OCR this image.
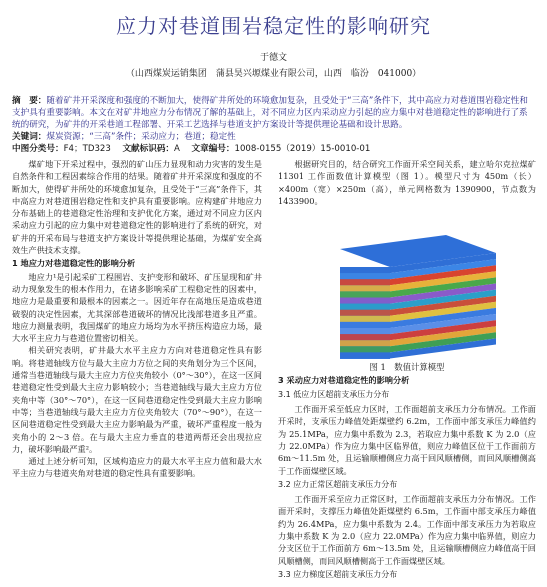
应力对巷道围岩稳定性的影响研究
于德文
（山西煤炭运销集团　蒲县昊兴塬煤业有限公司，山西　临汾　041000）

摘　要：随着矿井开采深度和强度的不断加大，使得矿井所处的环境愈加复杂，且受处于“三高”条件下，其中高应力对巷道围岩稳定性和支护具有重要影响。本文在对矿井地应力分布情况了解的基础上，对不同应力区内采动应力引起的应力集中对巷道稳定性的影响进行了系统的研究，为矿井的开采巷道工程部署、开采工艺选择与巷道支护方案设计等提供理论基础和设计思路。

关键词：煤炭资源；“三高”条件；采动应力；巷道；稳定性

中图分类号：F4；TD323　 文献标识码：A　 文章编号：1008-0155（2019）15-0010-01

煤矿地下开采过程中，强烈的矿山压力显现和动力灾害的发生是自然条件和工程因素综合作用的结果。随着矿井开采深度和强度的不断加大，使得矿井所处的环境愈加复杂，且受处于“三高”条件下，其中高应力对巷道围岩稳定性和支护具有重要影响。应构建矿井地应力分布基础上的巷道稳定性治理和支护优化方案，通过对不同应力区内采动应力引起的应力集中对巷道稳定性的影响进行了系统的研究，对矿井的开采布局与巷道支护方案设计等提供理论基础，为煤矿安全高效生产供技术支撑。

1 地应力对巷道稳定性的影响分析

地应力¹是引起采矿工程围岩、支护变形和破坏、矿压显现和矿井动力现象发生的根本作用力，在诸多影响采矿工程稳定性的因素中，地应力是最重要和最根本的因素之一。因近年存在高地压是造成巷道破裂的决定性因素，尤其深部巷道破坏的情况比浅部巷道多且严重。地应力测量表明，我国煤矿的地应力场均为水平挤压构造应力场，最大水平主应力与巷道位置密切相关。

相关研究表明，矿井最大水平主应力方向对巷道稳定性具有影响。将巷道轴线方位与最大主应力方位之间的夹角划分为三个区间，通常当巷道轴线与最大主应力方位夹角较小（0°～30°），在这一区间巷道稳定性受到最大主应力影响较小；当巷道轴线与最大主应力方位夹角中等（30°～70°），在这一区间巷道稳定性受到最大主应力影响中等；当巷道轴线与最大主应力方位夹角较大（70°～90°），在这一区间巷道稳定性受到最大主应力影响最为严重，破坏严重程度一般为夹角小的 2～3 倍。在与最大主应力垂直的巷道两帮还会出现拉应力，破坏影响最严重²。

通过上述分析可知，区域构造应力的最大水平主应力值和最大水平主应力与巷道夹角对巷道的稳定性具有重要影响。

根据研究目的，结合研究工作面开采空间关系，建立哈尔克拉煤矿 11301 工作面数值计算模型（图 1）。模型尺寸为 450m（长）×400m（宽）×250m（高），单元网格数为 1390900，节点数为 1433900。

图 1　数值计算模型

3 采动应力对巷道稳定性的影响分析

3.1 低应力区超前支承压力分布

工作面开采至低应力区时，工作面超前支承压力分布情况。工作面开采时，支承压力峰值处距煤壁约 6.2m，工作面中部支承压力峰值约为 25.1MPa，应力集中系数为 2.3，若取应力集中系数 K 为 2.0（应力 22.0MPa）作为应力集中区临界值，则应力峰值区位于工作面前方 6m～11.5m 处，且运输顺槽侧应力高于回风顺槽侧，而回风顺槽侧高于工作面煤壁区域。

3.2 应力正常区超前支承压力分布

工作面开采至应力正常区时，工作面超前支承压力分布情况。工作面开采时，支撑压力峰值处距煤壁约 6.5m，工作面中部支承压力峰值约为 26.4MPa，应力集中系数为 2.4。工作面中部支承压力为若取应力集中系数 K 为 2.0（应力 22.0MPa）作为应力集中临界值，则应力分支区位于工作面前方 6m～13.5m 处，且运输顺槽侧应力峰值高于回风顺槽侧，而回风顺槽侧高于工作面煤壁区域。

3.3 应力梯度区超前支承压力分布
